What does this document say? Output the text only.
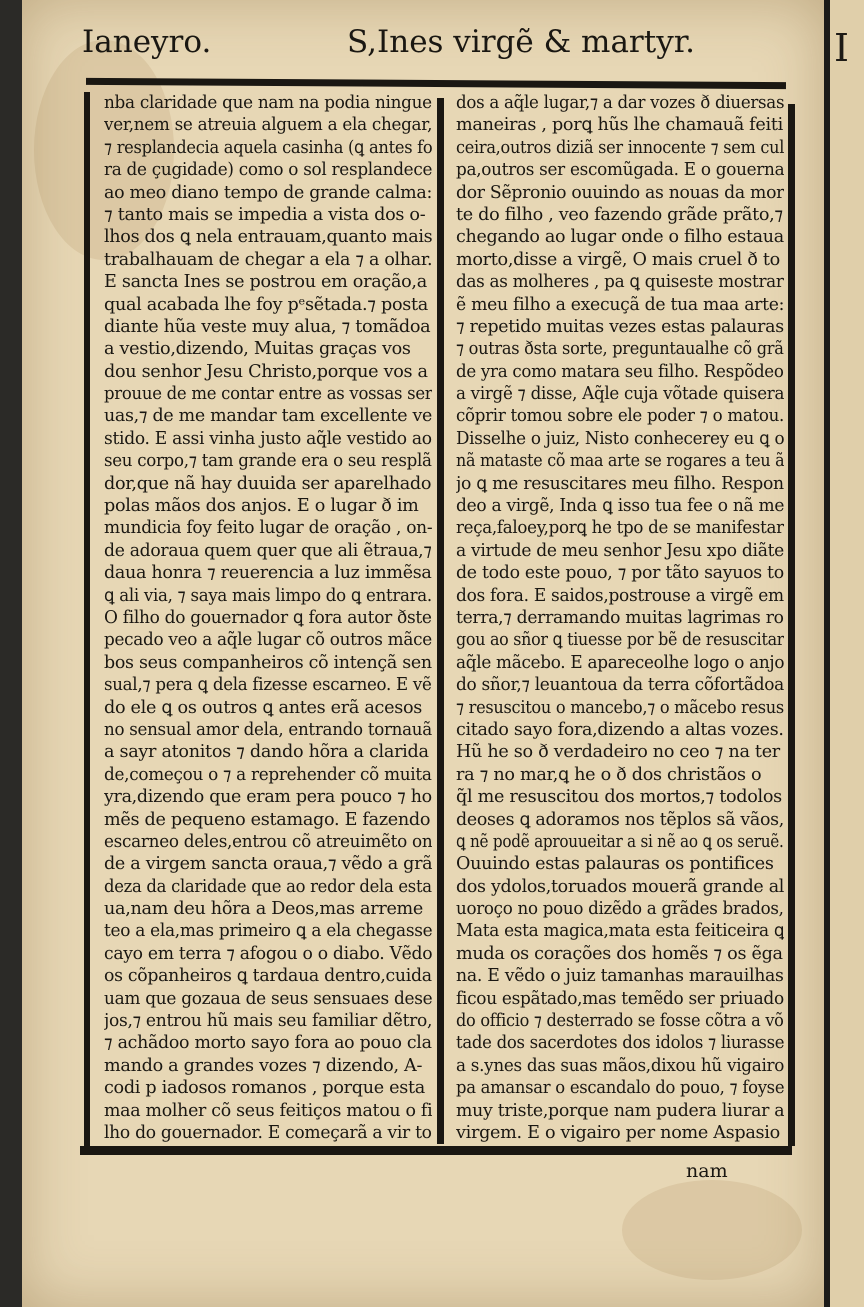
I
Ianeyro.	S,Ines virgẽ & martyr.
nba claridade que nam na podia ningue
ver,nem se atreuia alguem a ela chegar,
⁊ resplandecia aquela casinha (ꝗ antes fo
ra de çugidade) como o sol resplandece
ao meo diano tempo de grande calma:
⁊ tanto mais se impedia a vista dos o-
lhos dos ꝗ nela entrauam,quanto mais
trabalhauam de chegar a ela ⁊ a olhar.
E sancta Ines se postrou em oração,a
qual acabada lhe foy pᵉsẽtada.⁊ posta
diante hũa veste muy alua, ⁊ tomãdoa
a vestio,dizendo, Muitas graças vos
dou senhor Jesu Christo,porque vos a
prouue de me contar entre as vossas ser
uas,⁊ de me mandar tam excellente ve
stido. E assi vinha justo aq̃le vestido ao
seu corpo,⁊ tam grande era o seu resplã
dor,que nã hay duuida ser aparelhado
polas mãos dos anjos. E o lugar ð im
mundicia foy feito lugar de oração , on-
de adoraua quem quer que ali ẽtraua,⁊
daua honra ⁊ reuerencia a luz immẽsa
ꝗ ali via, ⁊ saya mais limpo do ꝗ entrara.
O filho do gouernador ꝗ fora autor ðste
pecado veo a aq̃le lugar cõ outros mãce
bos seus companheiros cõ intençã sen
sual,⁊ pera ꝗ dela fizesse escarneo. E vẽ
do ele ꝗ os outros ꝗ antes erã acesos
no sensual amor dela, entrando tornauã
a sayr atonitos ⁊ dando hõra a clarida
de,começou o ⁊ a reprehender cõ muita
yra,dizendo que eram pera pouco ⁊ ho
mẽs de pequeno estamago. E fazendo
escarneo deles,entrou cõ atreuimẽto on
de a virgem sancta oraua,⁊ vẽdo a grã
deza da claridade que ao redor dela esta
ua,nam deu hõra a Deos,mas arreme
teo a ela,mas primeiro ꝗ a ela chegasse
cayo em terra ⁊ afogou o o diabo. Vẽdo
os cõpanheiros ꝗ tardaua dentro,cuida
uam que gozaua de seus sensuaes dese
jos,⁊ entrou hũ mais seu familiar dẽtro,
⁊ achãdoo morto sayo fora ao pouo cla
mando a grandes vozes ⁊ dizendo, A-
codi p iadosos romanos , porque esta
maa molher cõ seus feitiços matou o fi
lho do gouernador. E começarã a vir to
dos a aq̃le lugar,⁊ a dar vozes ð diuersas
maneiras , porꝗ hũs lhe chamauã feiti
ceira,outros diziã ser innocente ⁊ sem cul
pa,outros ser escomũgada. E o gouerna
dor Sẽpronio ouuindo as nouas da mor
te do filho , veo fazendo grãde prãto,⁊
chegando ao lugar onde o filho estaua
morto,disse a virgẽ, O mais cruel ð to
das as molheres , pa ꝗ quiseste mostrar
ẽ meu filho a execuçã de tua maa arte:
⁊ repetido muitas vezes estas palauras
⁊ outras ðsta sorte, preguntaualhe cõ grã
de yra como matara seu filho. Respõdeo
a virgẽ ⁊ disse, Aq̃le cuja võtade quisera
cõprir tomou sobre ele poder ⁊ o matou.
Disselhe o juiz, Nisto conhecerey eu ꝗ o
nã mataste cõ maa arte se rogares a teu ã
jo ꝗ me resuscitares meu filho. Respon
deo a virgẽ, Inda ꝗ isso tua fee o nã me
reça,faloey,porꝗ he tpo de se manifestar
a virtude de meu senhor Jesu xpo diãte
de todo este pouo, ⁊ por tãto sayuos to
dos fora. E saidos,postrouse a virgẽ em
terra,⁊ derramando muitas lagrimas ro
gou ao sñor ꝗ tiuesse por bẽ de resuscitar
aq̃le mãcebo. E apareceolhe logo o anjo
do sñor,⁊ leuantoua da terra cõfortãdoa
⁊ resuscitou o mancebo,⁊ o mãcebo resus
citado sayo fora,dizendo a altas vozes.
Hũ he so ð verdadeiro no ceo ⁊ na ter
ra ⁊ no mar,ꝗ he o ð dos christãos o
q̃l me resuscitou dos mortos,⁊ todolos
deoses ꝗ adoramos nos tẽplos sã vãos,
ꝗ nẽ podẽ aprouueitar a si nẽ ao ꝗ os seruẽ.
Ouuindo estas palauras os pontifices
dos ydolos,toruados mouerã grande al
uoroço no pouo dizẽdo a grãdes brados,
Mata esta magica,mata esta feiticeira ꝗ
muda os corações dos homẽs ⁊ os ẽga
na. E vẽdo o juiz tamanhas marauilhas
ficou espãtado,mas temẽdo ser priuado
do officio ⁊ desterrado se fosse cõtra a võ
tade dos sacerdotes dos idolos ⁊ liurasse
a s.ynes das suas mãos,dixou hũ vigairo
pa amansar o escandalo do pouo, ⁊ foyse
muy triste,porque nam pudera liurar a
virgem. E o vigairo per nome Aspasio
nam
